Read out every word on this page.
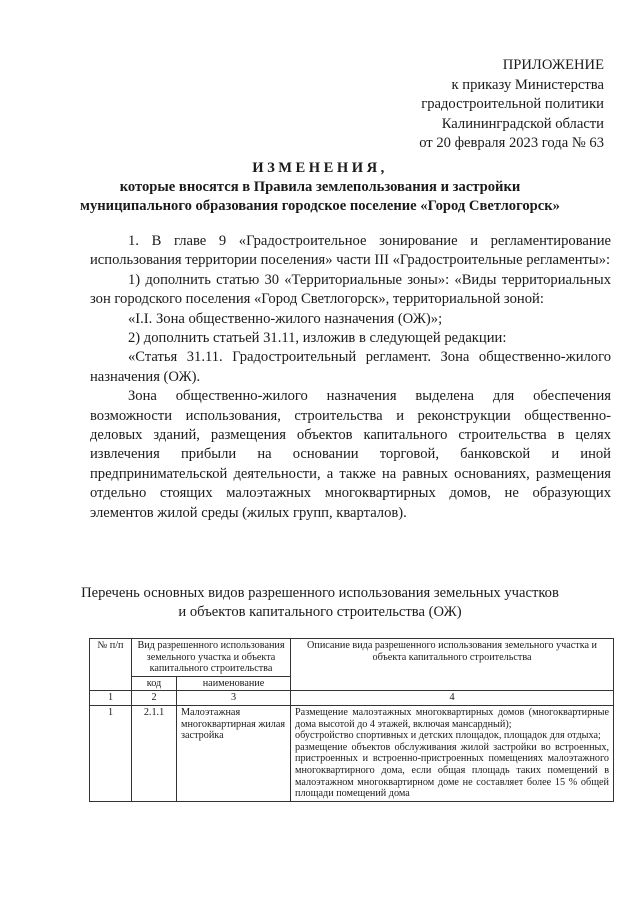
ПРИЛОЖЕНИЕ
к приказу Министерства
градостроительной политики
Калининградской области
от 20 февраля 2023 года № 63
ИЗМЕНЕНИЯ,
которые вносятся в Правила землепользования и застройки
муниципального образования городское поселение «Город Светлогорск»

1. В главе 9 «Градостроительное зонирование и регламентирование использования территории поселения» части III «Градостроительные регламенты»:

1) дополнить статью 30 «Территориальные зоны»: «Виды территориальных зон городского поселения «Город Светлогорск», территориальной зоной:

«I.I. Зона общественно-жилого назначения (ОЖ)»;

2) дополнить статьей 31.11, изложив в следующей редакции:

«Статья 31.11. Градостроительный регламент. Зона общественно-жилого назначения (ОЖ).

Зона общественно-жилого назначения выделена для обеспечения возможности использования, строительства и реконструкции общественно-деловых зданий, размещения объектов капитального строительства в целях извлечения прибыли на основании торговой, банковской и иной предпринимательской деятельности, а также на равных основаниях, размещения отдельно стоящих малоэтажных многоквартирных домов, не образующих элементов жилой среды (жилых групп, кварталов).

Перечень основных видов разрешенного использования земельных участков
и объектов капитального строительства (ОЖ)
№ п/п	Вид разрешенного использования земельного участка и объекта капитального строительства		Описание вида разрешенного использования земельного участка и объекта капитального строительства
	код	наименование	
1	2	3	4
1	2.1.1	Малоэтажная многоквартирная жилая застройка	Размещение малоэтажных многоквартирных домов (многоквартирные дома высотой до 4 этажей, включая мансардный);
обустройство спортивных и детских площадок, площадок для отдыха;
размещение объектов обслуживания жилой застройки во встроенных, пристроенных и встроенно-пристроенных помещениях малоэтажного многоквартирного дома, если общая площадь таких помещений в малоэтажном многоквартирном доме не составляет более 15 % общей площади помещений дома
